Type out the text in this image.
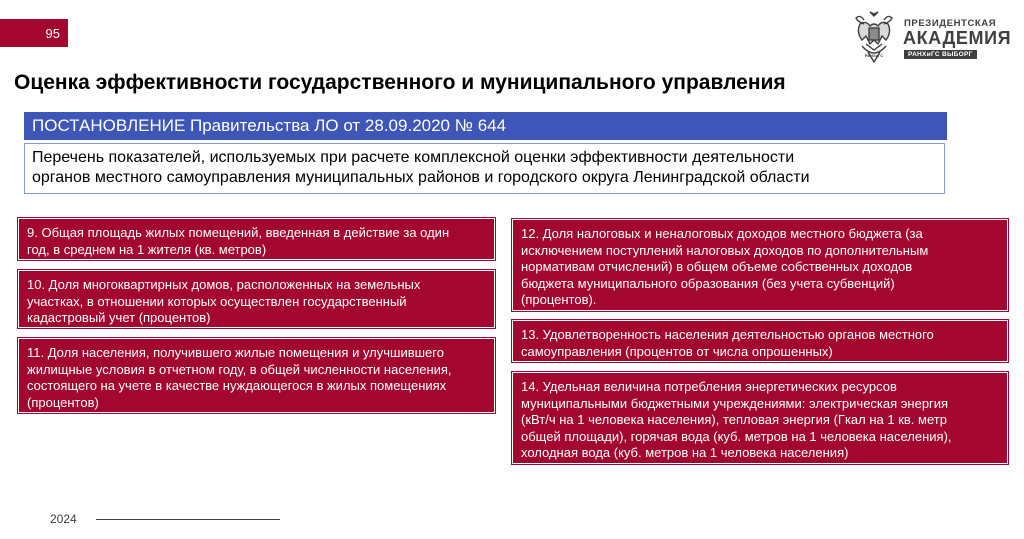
95
РАНХиГС
ПРЕЗИДЕНТСКАЯ
АКАДЕМИЯ
РАНХиГС ВЫБОРГ
Оценка эффективности государственного и муниципального управления
ПОСТАНОВЛЕНИЕ Правительства ЛО от 28.09.2020 № 644
Перечень показателей, используемых при расчете комплексной оценки эффективности деятельности
органов местного самоуправления муниципальных районов и городского округа Ленинградской области
9. Общая площадь жилых помещений, введенная в действие за один
год, в среднем на 1 жителя (кв. метров)
10. Доля многоквартирных домов, расположенных на земельных
участках, в отношении которых осуществлен государственный
кадастровый учет (процентов)
11. Доля населения, получившего жилые помещения и улучшившего
жилищные условия в отчетном году, в общей численности населения,
состоящего на учете в качестве нуждающегося в жилых помещениях
(процентов)
12. Доля налоговых и неналоговых доходов местного бюджета (за
исключением поступлений налоговых доходов по дополнительным
нормативам отчислений) в общем объеме собственных доходов
бюджета муниципального образования (без учета субвенций)
(процентов).
13. Удовлетворенность населения деятельностью органов местного
самоуправления (процентов от числа опрошенных)
14. Удельная величина потребления энергетических ресурсов
муниципальными бюджетными учреждениями: электрическая энергия
(кВт/ч на 1 человека населения), тепловая энергия (Гкал на 1 кв. метр
общей площади), горячая вода (куб. метров на 1 человека населения),
холодная вода (куб. метров на 1 человека населения)
2024
